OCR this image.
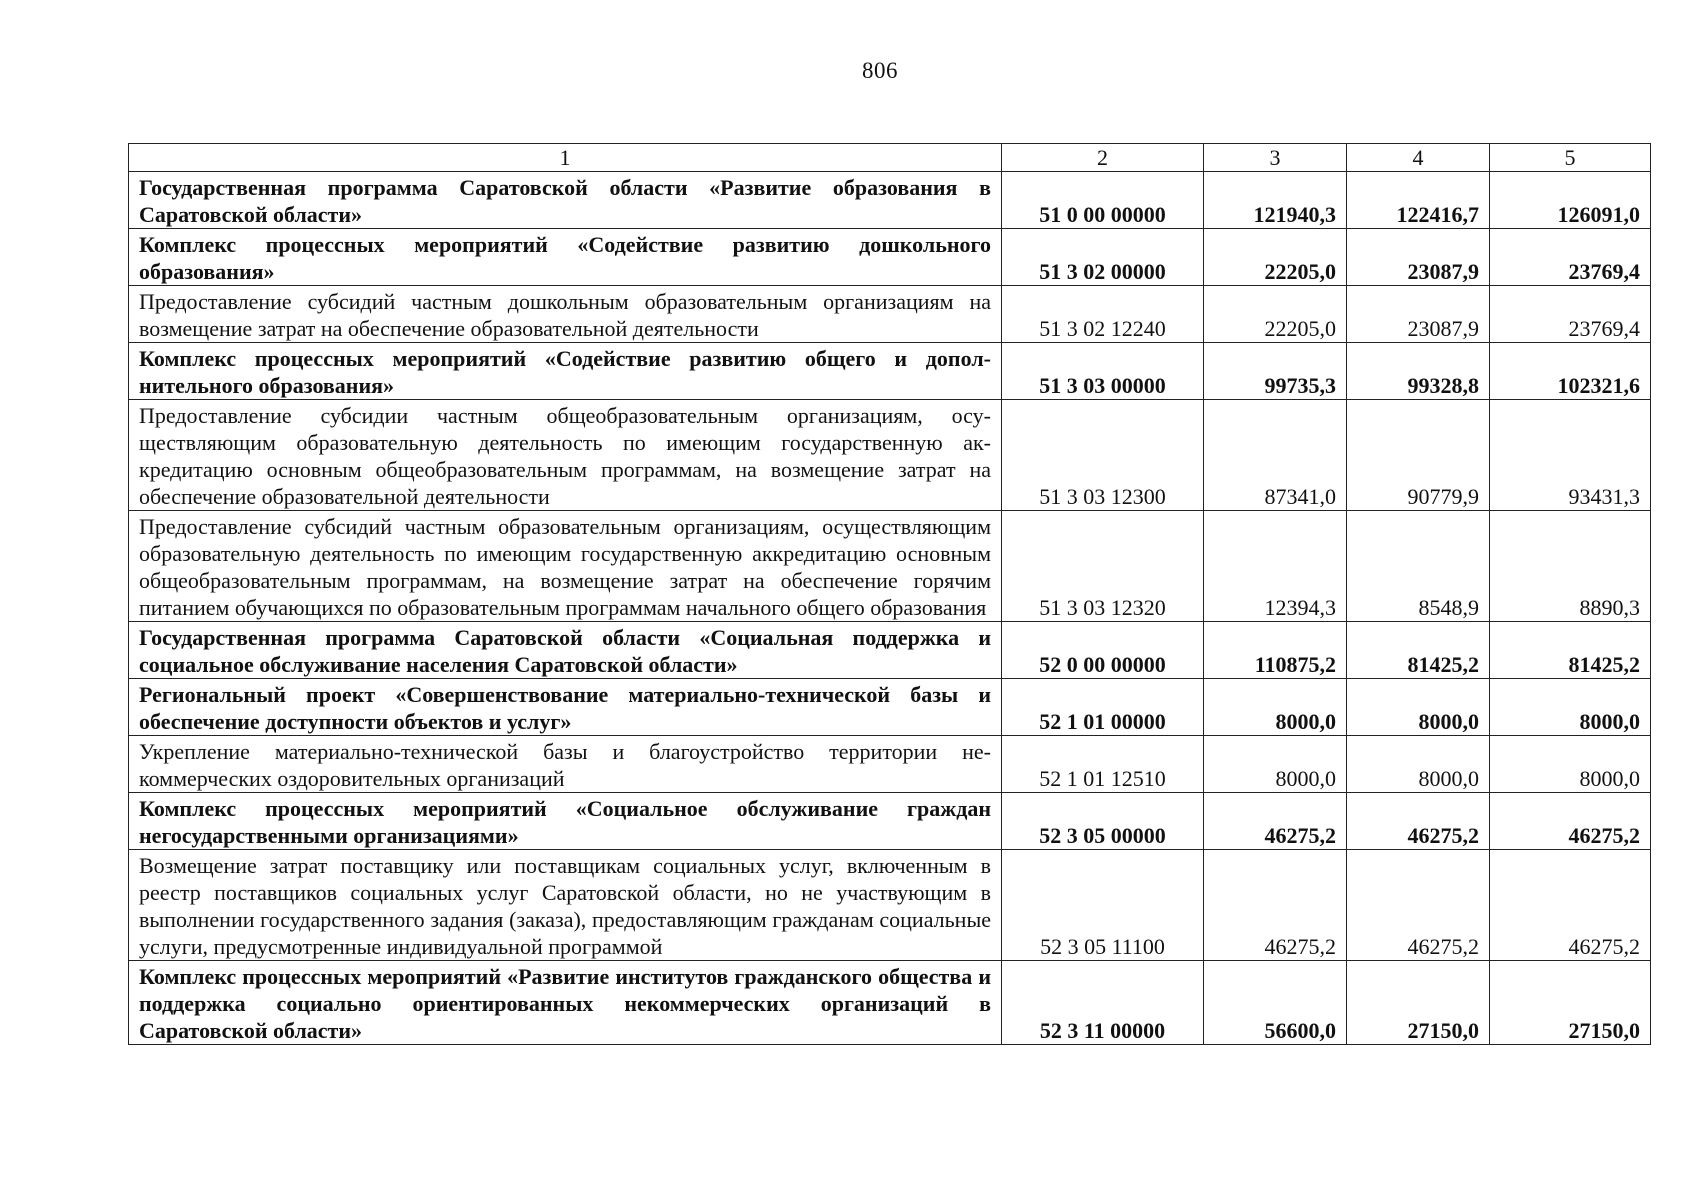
806
1	2	3	4	5
Государственная программа Саратовской области «Развитие образования в Саратовской области»	51 0 00 00000	121940,3	122416,7	126091,0
Комплекс процессных мероприятий «Содействие развитию дошкольного образования»	51 3 02 00000	22205,0	23087,9	23769,4
Предоставление субсидий частным дошкольным образовательным организациям на возмещение затрат на обеспечение образовательной деятельности	51 3 02 12240	22205,0	23087,9	23769,4
Комплекс процессных мероприятий «Содействие развитию общего и дополнительного образования»	51 3 03 00000	99735,3	99328,8	102321,6
Предоставление субсидии частным общеобразовательным организациям, осуществляющим образовательную деятельность по имеющим государственную аккредитацию основным общеобразовательным программам, на возмещение затрат на обеспечение образовательной деятельности	51 3 03 12300	87341,0	90779,9	93431,3
Предоставление субсидий частным образовательным организациям, осуществляющим образовательную деятельность по имеющим государственную аккредитацию основным общеобразовательным программам, на возмещение затрат на обеспечение горячим питанием обучающихся по образовательным программам начального общего образования	51 3 03 12320	12394,3	8548,9	8890,3
Государственная программа Саратовской области «Социальная поддержка и социальное обслуживание населения Саратовской области»	52 0 00 00000	110875,2	81425,2	81425,2
Региональный проект «Совершенствование материально-технической базы и обеспечение доступности объектов и услуг»	52 1 01 00000	8000,0	8000,0	8000,0
Укрепление материально-технической базы и благоустройство территории некоммерческих оздоровительных организаций	52 1 01 12510	8000,0	8000,0	8000,0
Комплекс процессных мероприятий «Социальное обслуживание граждан негосударственными организациями»	52 3 05 00000	46275,2	46275,2	46275,2
Возмещение затрат поставщику или поставщикам социальных услуг, включенным в реестр поставщиков социальных услуг Саратовской области, но не участвующим в выполнении государственного задания (заказа), предоставляющим гражданам социальные услуги, предусмотренные индивидуальной программой	52 3 05 11100	46275,2	46275,2	46275,2
Комплекс процессных мероприятий «Развитие институтов гражданского общества и поддержка социально ориентированных некоммерческих организаций в Саратовской области»	52 3 11 00000	56600,0	27150,0	27150,0
